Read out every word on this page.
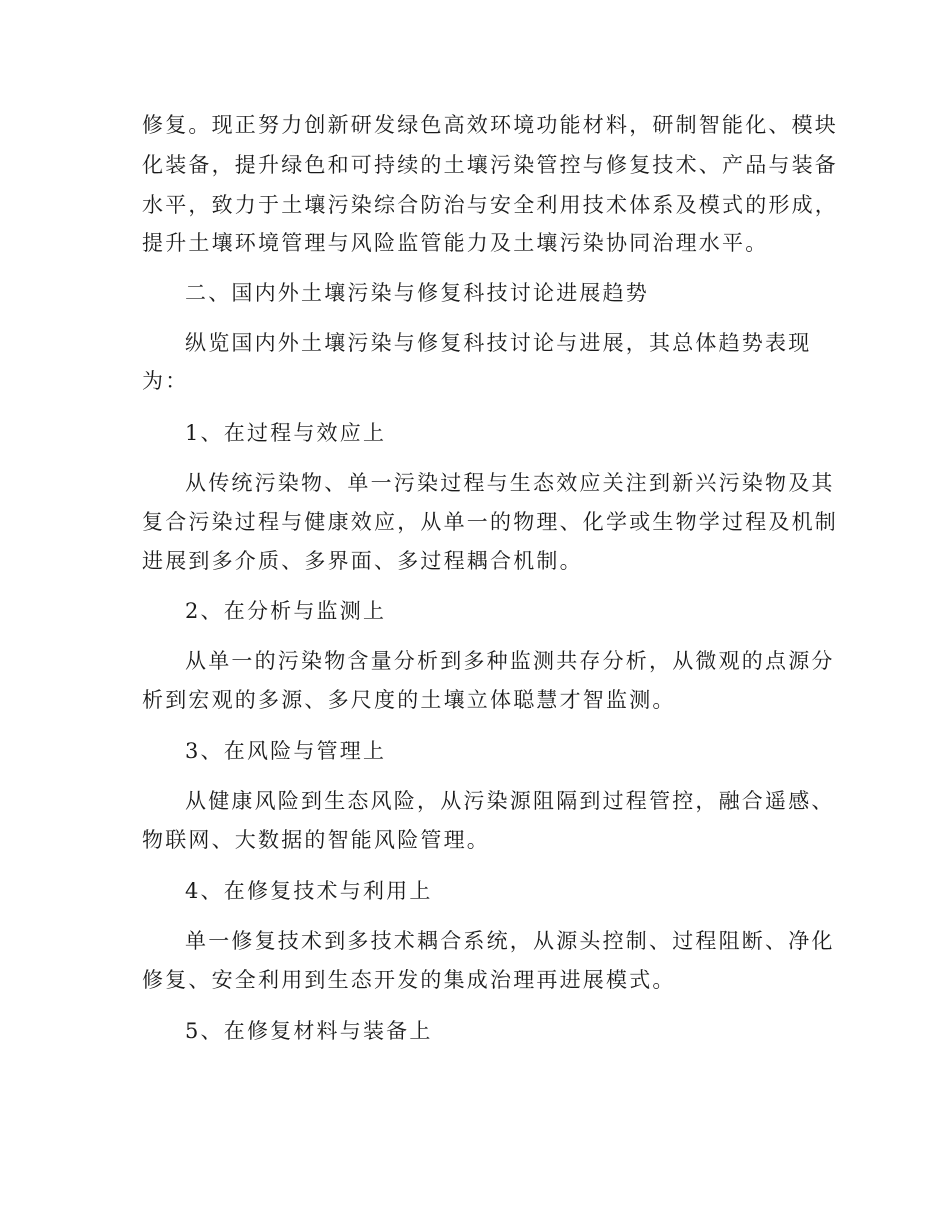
修复。现正努力创新研发绿色高效环境功能材料，研制智能化、模块
化装备，提升绿色和可持续的土壤污染管控与修复技术、产品与装备
水平，致力于土壤污染综合防治与安全利用技术体系及模式的形成，
提升土壤环境管理与风险监管能力及土壤污染协同治理水平。
二、国内外土壤污染与修复科技讨论进展趋势
纵览国内外土壤污染与修复科技讨论与进展，其总体趋势表现
为：
1、在过程与效应上
从传统污染物、单一污染过程与生态效应关注到新兴污染物及其
复合污染过程与健康效应，从单一的物理、化学或生物学过程及机制
进展到多介质、多界面、多过程耦合机制。
2、在分析与监测上
从单一的污染物含量分析到多种监测共存分析，从微观的点源分
析到宏观的多源、多尺度的土壤立体聪慧才智监测。
3、在风险与管理上
从健康风险到生态风险，从污染源阻隔到过程管控，融合遥感、
物联网、大数据的智能风险管理。
4、在修复技术与利用上
单一修复技术到多技术耦合系统，从源头控制、过程阻断、净化
修复、安全利用到生态开发的集成治理再进展模式。
5、在修复材料与装备上
